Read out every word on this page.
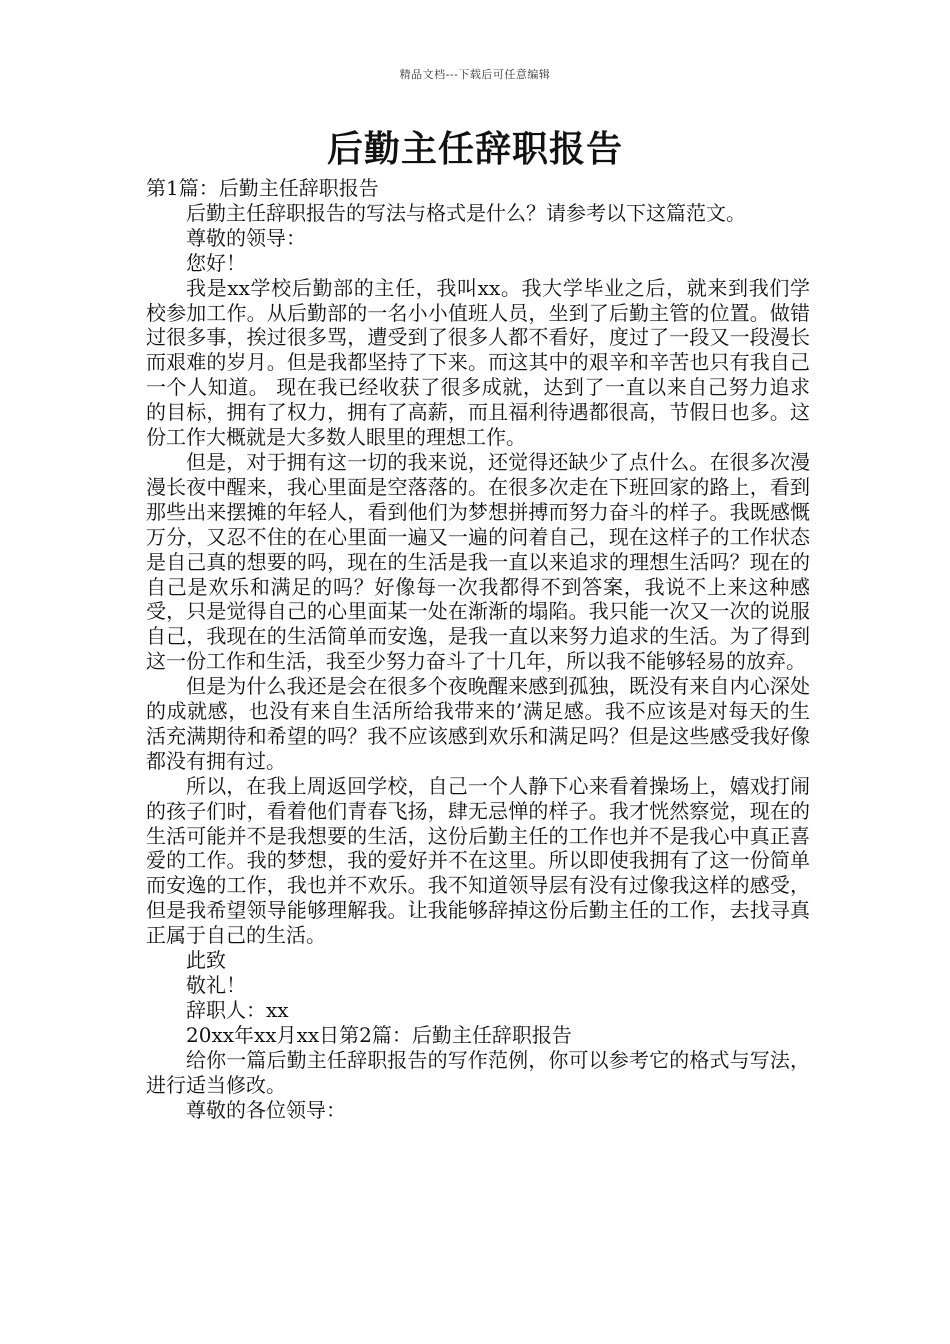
精品文档---下载后可任意编辑
后勤主任辞职报告

第1篇：后勤主任辞职报告

后勤主任辞职报告的写法与格式是什么？请参考以下这篇范文。

尊敬的领导：

您好！

我是xx学校后勤部的主任，我叫xx。我大学毕业之后，就来到我们学校参加工作。从后勤部的一名小小值班人员，坐到了后勤主管的位置。做错过很多事，挨过很多骂，遭受到了很多人都不看好，度过了一段又一段漫长而艰难的岁月。但是我都坚持了下来。而这其中的艰辛和辛苦也只有我自己一个人知道。 现在我已经收获了很多成就，达到了一直以来自己努力追求的目标，拥有了权力，拥有了高薪，而且福利待遇都很高，节假日也多。这份工作大概就是大多数人眼里的理想工作。

但是，对于拥有这一切的我来说，还觉得还缺少了点什么。在很多次漫漫长夜中醒来，我心里面是空落落的。在很多次走在下班回家的路上，看到那些出来摆摊的年轻人，看到他们为梦想拼搏而努力奋斗的样子。我既感慨万分，又忍不住的在心里面一遍又一遍的问着自己，现在这样子的工作状态是自己真的想要的吗，现在的生活是我一直以来追求的理想生活吗？现在的自己是欢乐和满足的吗？好像每一次我都得不到答案，我说不上来这种感受，只是觉得自己的心里面某一处在渐渐的塌陷。我只能一次又一次的说服自己，我现在的生活简单而安逸，是我一直以来努力追求的生活。为了得到这一份工作和生活，我至少努力奋斗了十几年，所以我不能够轻易的放弃。

但是为什么我还是会在很多个夜晚醒来感到孤独，既没有来自内心深处的成就感，也没有来自生活所给我带来的’满足感。我不应该是对每天的生活充满期待和希望的吗？我不应该感到欢乐和满足吗？但是这些感受我好像都没有拥有过。

所以，在我上周返回学校，自己一个人静下心来看着操场上，嬉戏打闹的孩子们时，看着他们青春飞扬，肆无忌惮的样子。我才恍然察觉，现在的生活可能并不是我想要的生活，这份后勤主任的工作也并不是我心中真正喜爱的工作。我的梦想，我的爱好并不在这里。所以即使我拥有了这一份简单而安逸的工作，我也并不欢乐。我不知道领导层有没有过像我这样的感受，但是我希望领导能够理解我。让我能够辞掉这份后勤主任的工作，去找寻真正属于自己的生活。

此致

敬礼！

辞职人：xx

20xx年xx月xx日第2篇：后勤主任辞职报告

给你一篇后勤主任辞职报告的写作范例，你可以参考它的格式与写法，进行适当修改。

尊敬的各位领导：
